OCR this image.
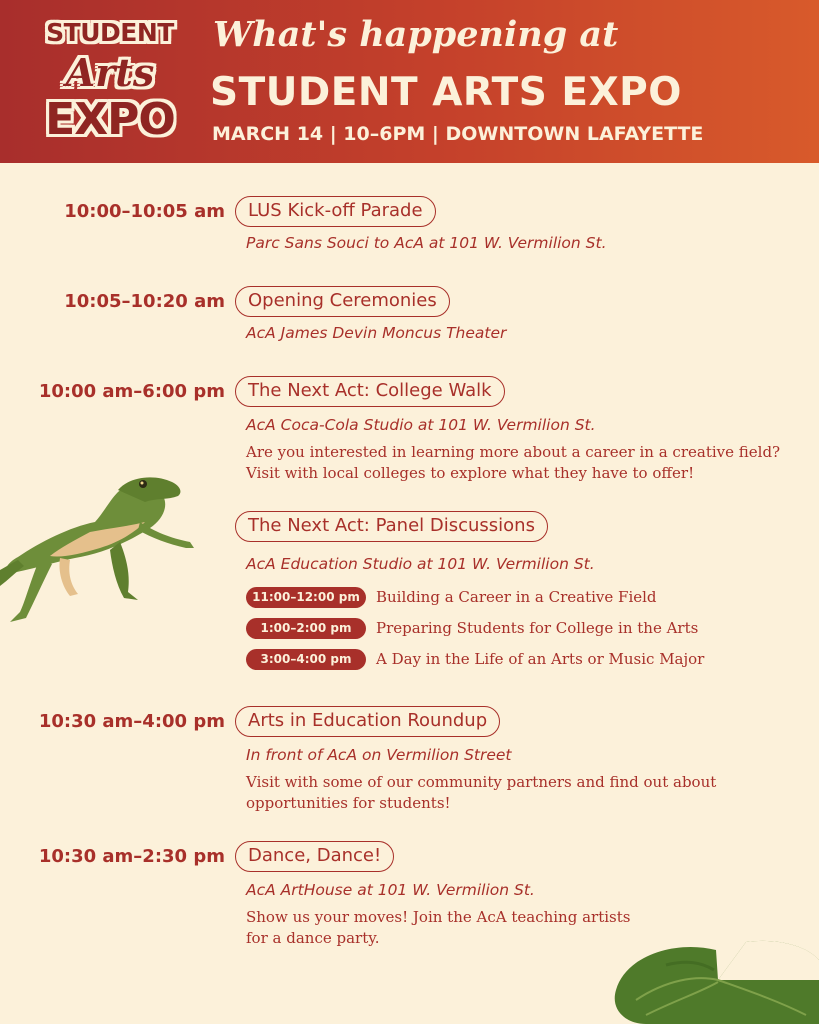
STUDENT
Arts
EXPO
What's happening at
STUDENT ARTS EXPO
MARCH 14 | 10–6PM | DOWNTOWN LAFAYETTE
10:00–10:05 am	LUS Kick-off Parade
Parc Sans Souci to AcA at 101 W. Vermilion St.
10:05–10:20 am	Opening Ceremonies
AcA James Devin Moncus Theater
10:00 am–6:00 pm	The Next Act: College Walk
AcA Coca-Cola Studio at 101 W. Vermilion St.
Are you interested in learning more about a career in a creative field?
Visit with local colleges to explore what they have to offer!
The Next Act: Panel Discussions
AcA Education Studio at 101 W. Vermilion St.
11:00–12:00 pm	Building a Career in a Creative Field
1:00–2:00 pm	Preparing Students for College in the Arts
3:00–4:00 pm	A Day in the Life of an Arts or Music Major
10:30 am–4:00 pm	Arts in Education Roundup
In front of AcA on Vermilion Street
Visit with some of our community partners and find out about
opportunities for students!
10:30 am–2:30 pm	Dance, Dance!
AcA ArtHouse at 101 W. Vermilion St.
Show us your moves! Join the AcA teaching artists
for a dance party.
